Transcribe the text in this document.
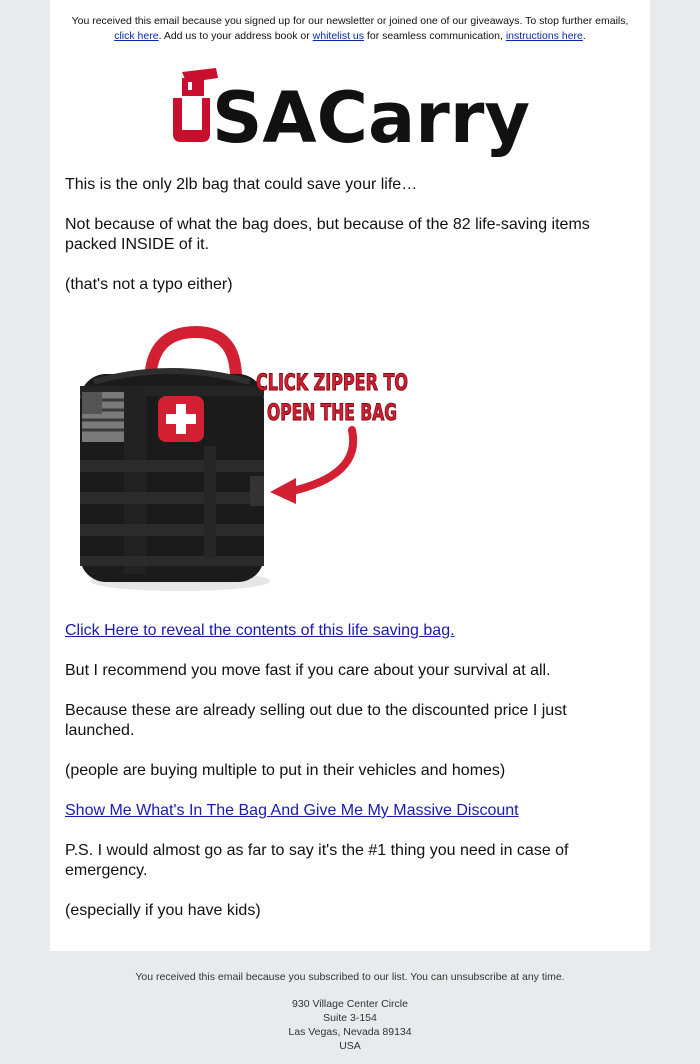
You received this email because you signed up for our newsletter or joined one of our giveaways. To stop further emails, click here. Add us to your address book or whitelist us for seamless communication, instructions here.
SACarry
This is the only 2lb bag that could save your life…
Not because of what the bag does, but because of the 82 life-saving items packed INSIDE of it.
(that's not a typo either)
CLICK ZIPPER TO
OPEN THE BAG
Click Here to reveal the contents of this life saving bag.
But I recommend you move fast if you care about your survival at all.
Because these are already selling out due to the discounted price I just launched.
(people are buying multiple to put in their vehicles and homes)
Show Me What's In The Bag And Give Me My Massive Discount
P.S. I would almost go as far to say it's the #1 thing you need in case of emergency.
(especially if you have kids)
You received this email because you subscribed to our list. You can unsubscribe at any time.
930 Village Center Circle
Suite 3-154
Las Vegas, Nevada 89134
USA
